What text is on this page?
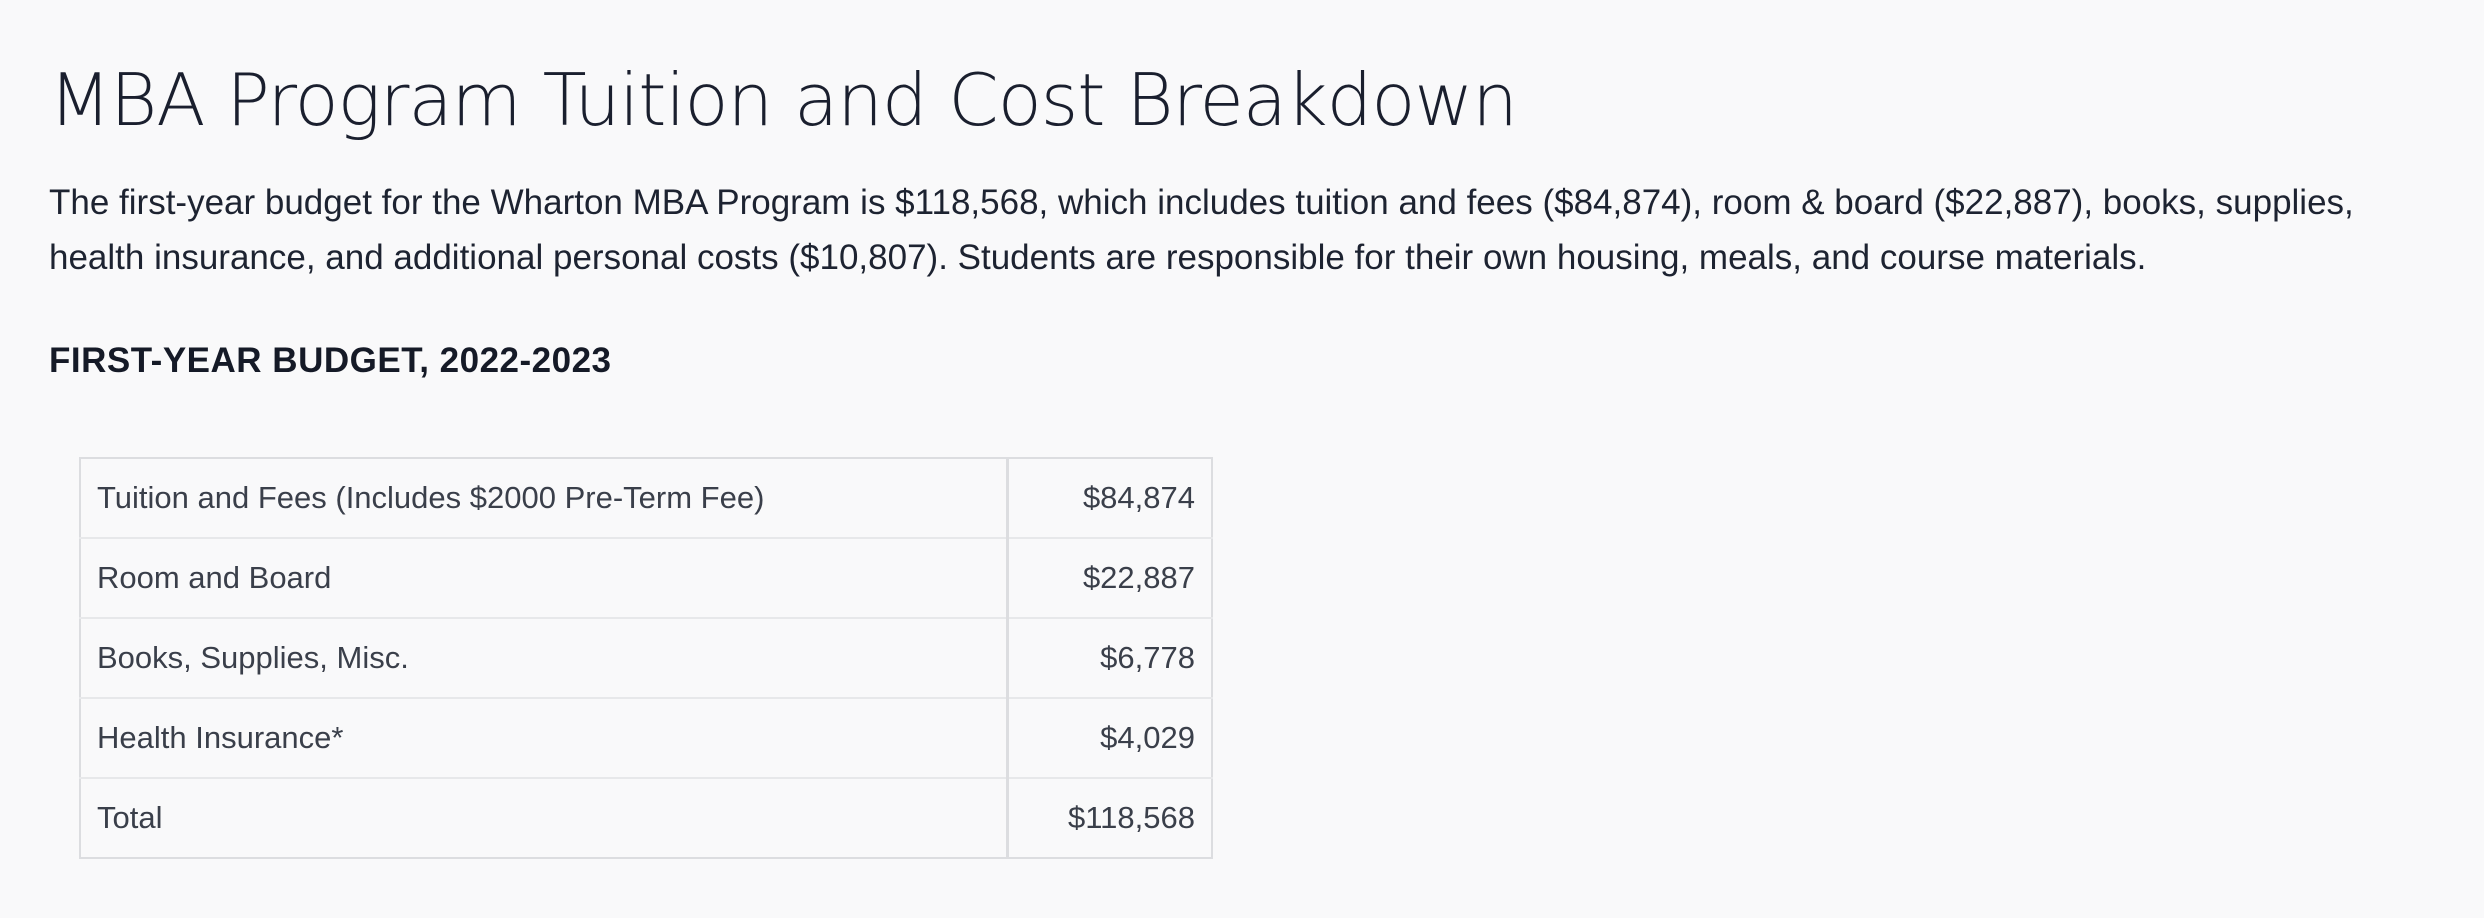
MBA Program Tuition and Cost Breakdown

The first-year budget for the Wharton MBA Program is $118,568, which includes tuition and fees ($84,874), room & board ($22,887), books, supplies, health insurance, and additional personal costs ($10,807). Students are responsible for their own housing, meals, and course materials.

FIRST-YEAR BUDGET, 2022-2023
Tuition and Fees (Includes $2000 Pre-Term Fee)	$84,874
Room and Board	$22,887
Books, Supplies, Misc.	$6,778
Health Insurance*	$4,029
Total	$118,568
